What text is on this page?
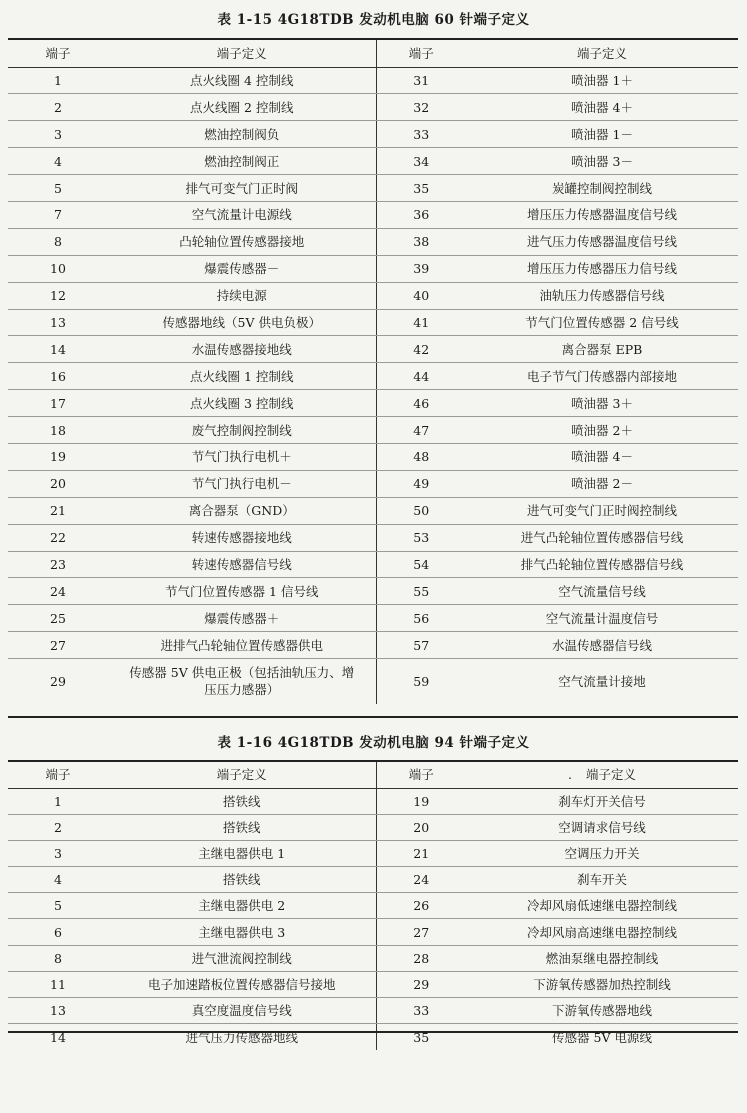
表 1-15 4G18TDB 发动机电脑 60 针端子定义
端子	端子定义	端子	端子定义
1	点火线圈 4 控制线	31	喷油器 1＋
2	点火线圈 2 控制线	32	喷油器 4＋
3	燃油控制阀负	33	喷油器 1－
4	燃油控制阀正	34	喷油器 3－
5	排气可变气门正时阀	35	炭罐控制阀控制线
7	空气流量计电源线	36	增压压力传感器温度信号线
8	凸轮轴位置传感器接地	38	进气压力传感器温度信号线
10	爆震传感器－	39	增压压力传感器压力信号线
12	持续电源	40	油轨压力传感器信号线
13	传感器地线（5V 供电负极）	41	节气门位置传感器 2 信号线
14	水温传感器接地线	42	离合器泵 EPB
16	点火线圈 1 控制线	44	电子节气门传感器内部接地
17	点火线圈 3 控制线	46	喷油器 3＋
18	废气控制阀控制线	47	喷油器 2＋
19	节气门执行电机＋	48	喷油器 4－
20	节气门执行电机－	49	喷油器 2－
21	离合器泵（GND）	50	进气可变气门正时阀控制线
22	转速传感器接地线	53	进气凸轮轴位置传感器信号线
23	转速传感器信号线	54	排气凸轮轴位置传感器信号线
24	节气门位置传感器 1 信号线	55	空气流量信号线
25	爆震传感器＋	56	空气流量计温度信号
27	进排气凸轮轴位置传感器供电	57	水温传感器信号线
29	传感器 5V 供电正极（包括油轨压力、增压压力感器）	59	空气流量计接地
表 1-16 4G18TDB 发动机电脑 94 针端子定义
端子	端子定义	端子	. 端子定义
1	搭铁线	19	刹车灯开关信号
2	搭铁线	20	空调请求信号线
3	主继电器供电 1	21	空调压力开关
4	搭铁线	24	刹车开关
5	主继电器供电 2	26	冷却风扇低速继电器控制线
6	主继电器供电 3	27	冷却风扇高速继电器控制线
8	进气泄流阀控制线	28	燃油泵继电器控制线
11	电子加速踏板位置传感器信号接地	29	下游氧传感器加热控制线
13	真空度温度信号线	33	下游氧传感器地线
14	进气压力传感器地线	35	传感器 5V 电源线
